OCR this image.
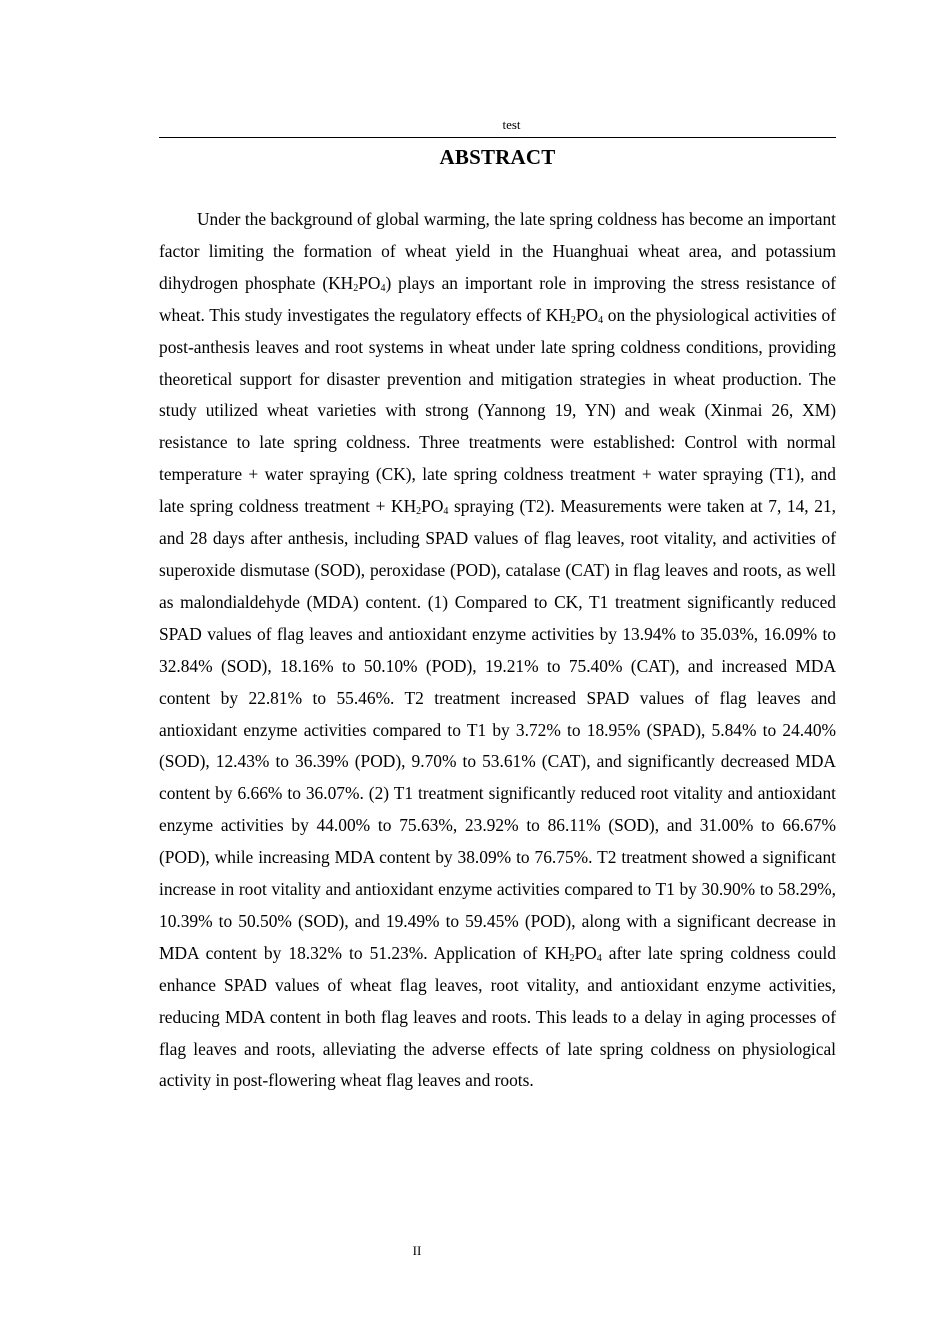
test
ABSTRACT

Under the background of global warming, the late spring coldness has become an important factor limiting the formation of wheat yield in the Huanghuai wheat area, and potassium dihydrogen phosphate $(KH_2PO_4)$ plays an important role in improving the stress resistance of wheat. This study investigates the regulatory effects of $KH_2PO_4$ on the physiological activities of post-anthesis leaves and root systems in wheat under late spring coldness conditions, providing theoretical support for disaster prevention and mitigation strategies in wheat production. The study utilized wheat varieties with strong (Yannong 19, YN) and weak (Xinmai 26, XM) resistance to late spring coldness. Three treatments were established: Control with normal temperature + water spraying (CK), late spring coldness treatment + water spraying (T1), and late spring coldness treatment + $KH_2PO_4$ spraying (T2). Measurements were taken at 7, 14, 21, and 28 days after anthesis, including SPAD values of flag leaves, root vitality, and activities of superoxide dismutase (SOD), peroxidase (POD), catalase (CAT) in flag leaves and roots, as well as malondialdehyde (MDA) content. (1) Compared to CK, T1 treatment significantly reduced SPAD values of flag leaves and antioxidant enzyme activities by 13.94% to 35.03%, 16.09% to 32.84% (SOD), 18.16% to 50.10% (POD), 19.21% to 75.40% (CAT), and increased MDA content by 22.81% to 55.46%. T2 treatment increased SPAD values of flag leaves and antioxidant enzyme activities compared to T1 by 3.72% to 18.95% (SPAD), 5.84% to 24.40% (SOD), 12.43% to 36.39% (POD), 9.70% to 53.61% (CAT), and significantly decreased MDA content by 6.66% to 36.07%. (2) T1 treatment significantly reduced root vitality and antioxidant enzyme activities by 44.00% to 75.63%, 23.92% to 86.11% (SOD), and 31.00% to 66.67% (POD), while increasing MDA content by 38.09% to 76.75%. T2 treatment showed a significant increase in root vitality and antioxidant enzyme activities compared to T1 by 30.90% to 58.29%, 10.39% to 50.50% (SOD), and 19.49% to 59.45% (POD), along with a significant decrease in MDA content by 18.32% to 51.23%. Application of $KH_2PO_4$ after late spring coldness could enhance SPAD values of wheat flag leaves, root vitality, and antioxidant enzyme activities, reducing MDA content in both flag leaves and roots. This leads to a delay in aging processes of flag leaves and roots, alleviating the adverse effects of late spring coldness on physiological activity in post-flowering wheat flag leaves and roots.

II
